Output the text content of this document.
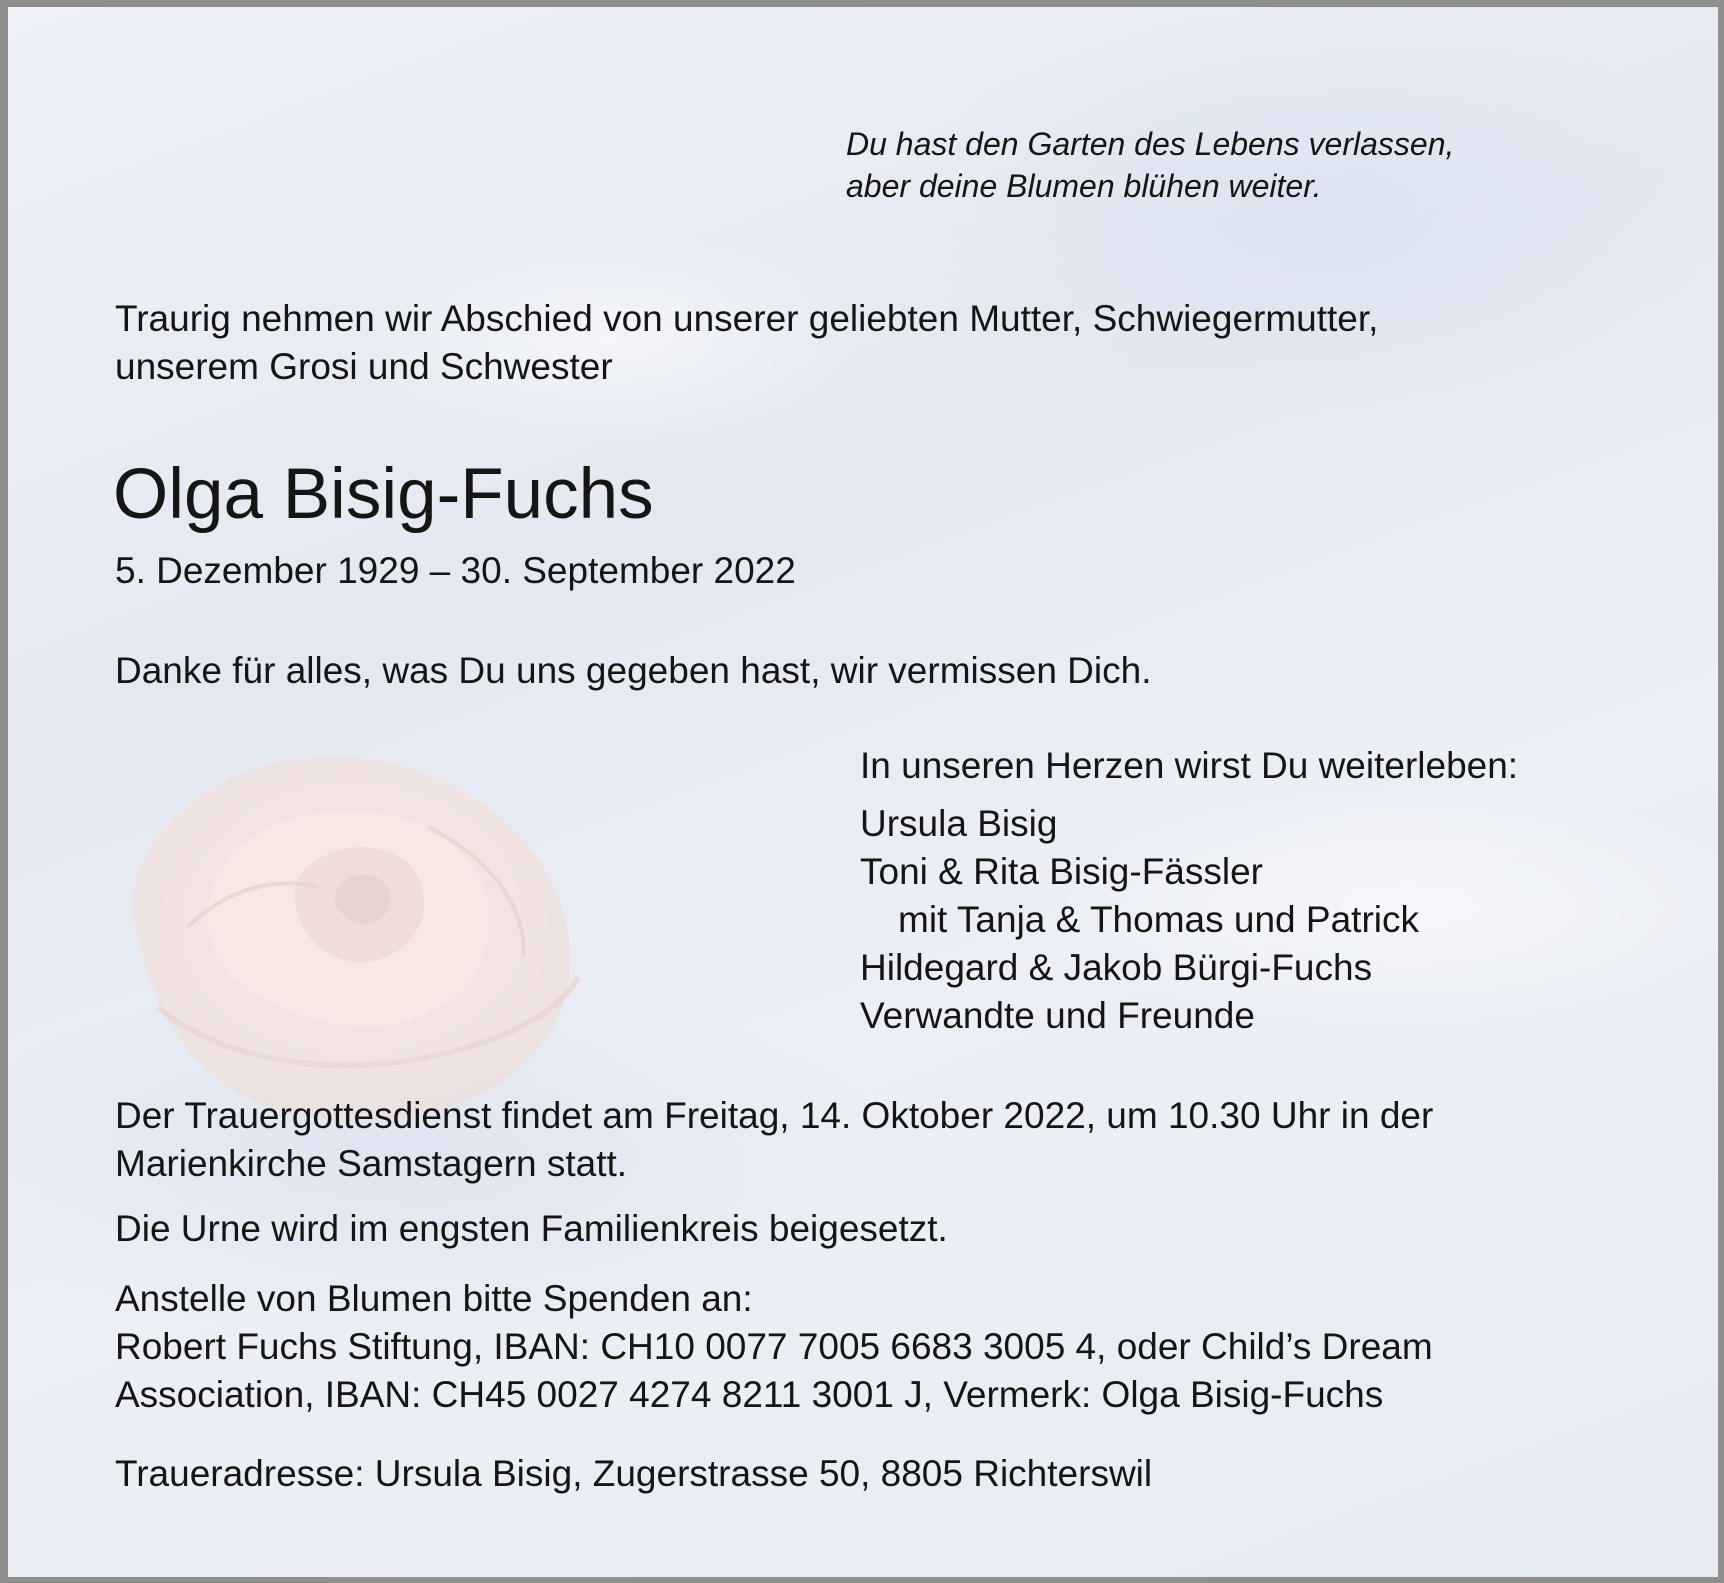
Du hast den Garten des Lebens verlassen,
aber deine Blumen blühen weiter.
Traurig nehmen wir Abschied von unserer geliebten Mutter, Schwiegermutter,
unserem Grosi und Schwester
Olga Bisig-Fuchs
5. Dezember 1929 – 30. September 2022
Danke für alles, was Du uns gegeben hast, wir vermissen Dich.
In unseren Herzen wirst Du weiterleben:
Ursula Bisig
Toni & Rita Bisig-Fässler
mit Tanja & Thomas und Patrick
Hildegard & Jakob Bürgi-Fuchs
Verwandte und Freunde
Der Trauergottesdienst findet am Freitag, 14. Oktober 2022, um 10.30 Uhr in der
Marienkirche Samstagern statt.
Die Urne wird im engsten Familienkreis beigesetzt.
Anstelle von Blumen bitte Spenden an:
Robert Fuchs Stiftung, IBAN: CH10 0077 7005 6683 3005 4, oder Child’s Dream
Association, IBAN: CH45 0027 4274 8211 3001 J, Vermerk: Olga Bisig-Fuchs
Traueradresse: Ursula Bisig, Zugerstrasse 50, 8805 Richterswil
